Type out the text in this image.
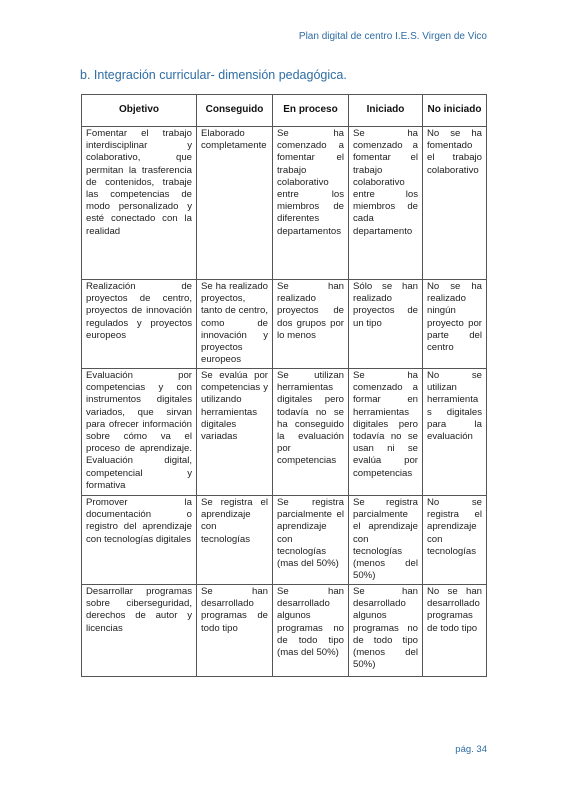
Plan digital de centro I.E.S. Virgen de Vico
b. Integración curricular- dimensión pedagógica.
Objetivo	Conseguido	En proceso	Iniciado	No iniciado
Fomentar el trabajo interdisciplinar y colaborativo, que permitan la trasferencia de contenidos, trabaje las competencias de modo personalizado y esté conectado con la realidad	Elaborado completamente	Se ha comenzado a fomentar el trabajo colaborativo entre los miembros de diferentes departamentos	Se ha comenzado a fomentar el trabajo colaborativo entre los miembros de cada departamento	No se ha fomentado el trabajo colaborativo
Realización de proyectos de centro, proyectos de innovación regulados y proyectos europeos	Se ha realizado proyectos, tanto de centro, como de innovación y proyectos europeos	Se han realizado proyectos de dos grupos por lo menos	Sólo se han realizado proyectos de un tipo	No se ha realizado ningún proyecto por parte del centro
Evaluación por competencias y con instrumentos digitales variados, que sirvan para ofrecer información sobre cómo va el proceso de aprendizaje. Evaluación digital, competencial y formativa	Se evalúa por competencias y utilizando herramientas digitales variadas	Se utilizan herramientas digitales pero todavía no se ha conseguido la evaluación por competencias	Se ha comenzado a formar en herramientas digitales pero todavía no se usan ni se evalúa por competencias	No se utilizan herramientas digitales para la evaluación
Promover la documentación o registro del aprendizaje con tecnologías digitales	Se registra el aprendizaje con tecnologías	Se registra parcialmente el aprendizaje con tecnologías (mas del 50%)	Se registra parcialmente el aprendizaje con tecnologías (menos del 50%)	No se registra el aprendizaje con tecnologías
Desarrollar programas sobre ciberseguridad, derechos de autor y licencias	Se han desarrollado programas de todo tipo	Se han desarrollado algunos programas no de todo tipo (mas del 50%)	Se han desarrollado algunos programas no de todo tipo (menos del 50%)	No se han desarrollado programas de todo tipo
pág. 34
